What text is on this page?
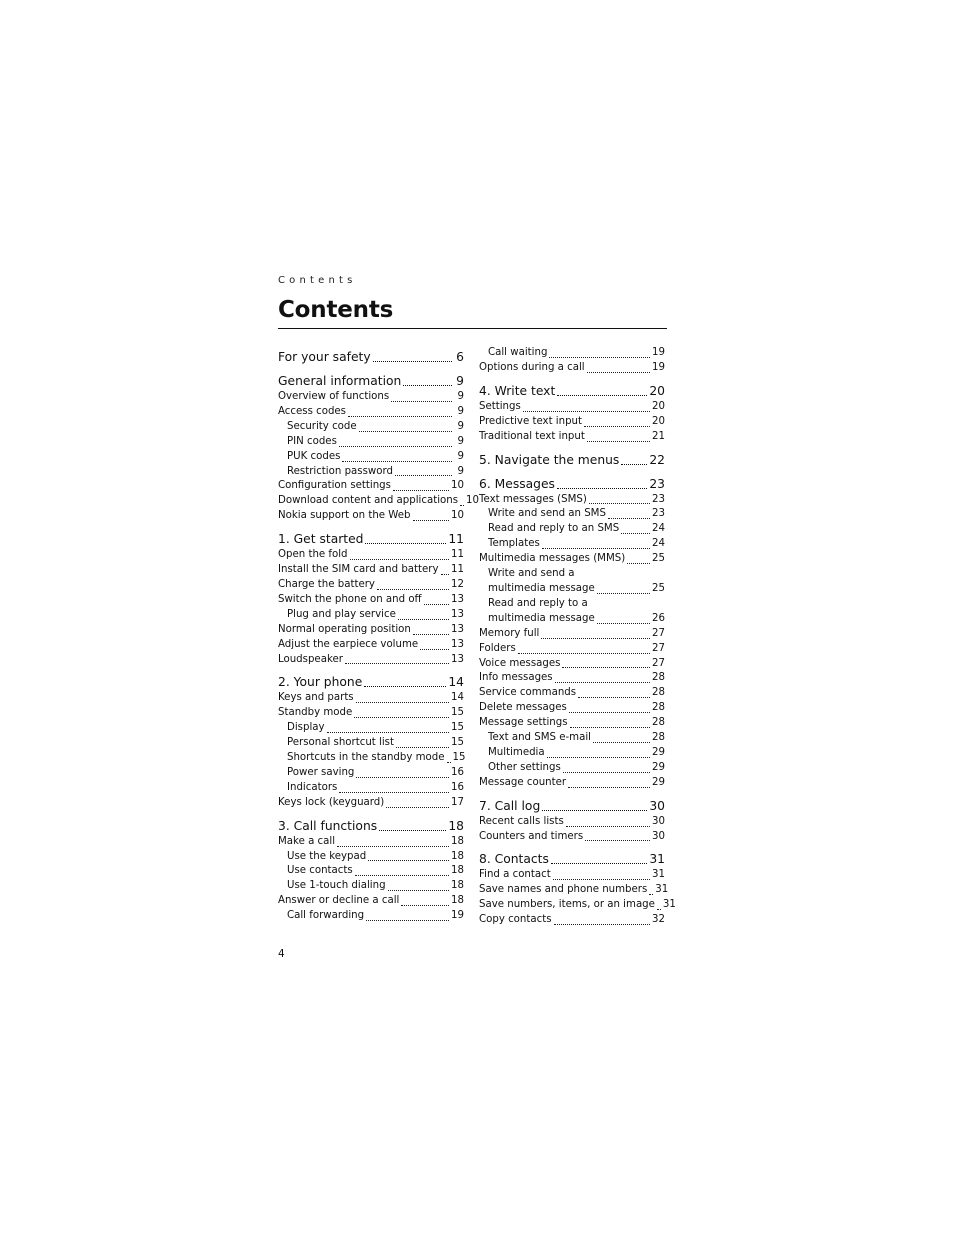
Contents
Contents
For your safety	6
General information	9
Overview of functions	9
Access codes	9
Security code	9
PIN codes	9
PUK codes	9
Restriction password	9
Configuration settings	10
Download content and applications 10
Nokia support on the Web	10
1. Get started	11
Open the fold	11
Install the SIM card and battery 11
Charge the battery	12
Switch the phone on and off	13
Plug and play service	13
Normal operating position	13
Adjust the earpiece volume	13
Loudspeaker	13
2. Your phone	14
Keys and parts	14
Standby mode	15
Display	15
Personal shortcut list	15
Shortcuts in the standby mode 15
Power saving	16
Indicators	16
Keys lock (keyguard)	17
3. Call functions	18
Make a call	18
Use the keypad	18
Use contacts	18
Use 1-touch dialing	18
Answer or decline a call	18
Call forwarding	19
Call waiting	19
Options during a call	19
4. Write text	20
Settings	20
Predictive text input	20
Traditional text input	21
5. Navigate the menus 22
6. Messages	23
Text messages (SMS)	23
Write and send an SMS	23
Read and reply to an SMS	24
Templates	24
Multimedia messages (MMS)	25
Write and send a
multimedia message	25
Read and reply to a
multimedia message	26
Memory full	27
Folders	27
Voice messages	27
Info messages	28
Service commands	28
Delete messages	28
Message settings	28
Text and SMS e-mail	28
Multimedia	29
Other settings	29
Message counter	29
7. Call log	30
Recent calls lists	30
Counters and timers	30
8. Contacts	31
Find a contact	31
Save names and phone numbers 31
Save numbers, items, or an image 31
Copy contacts	32
4
